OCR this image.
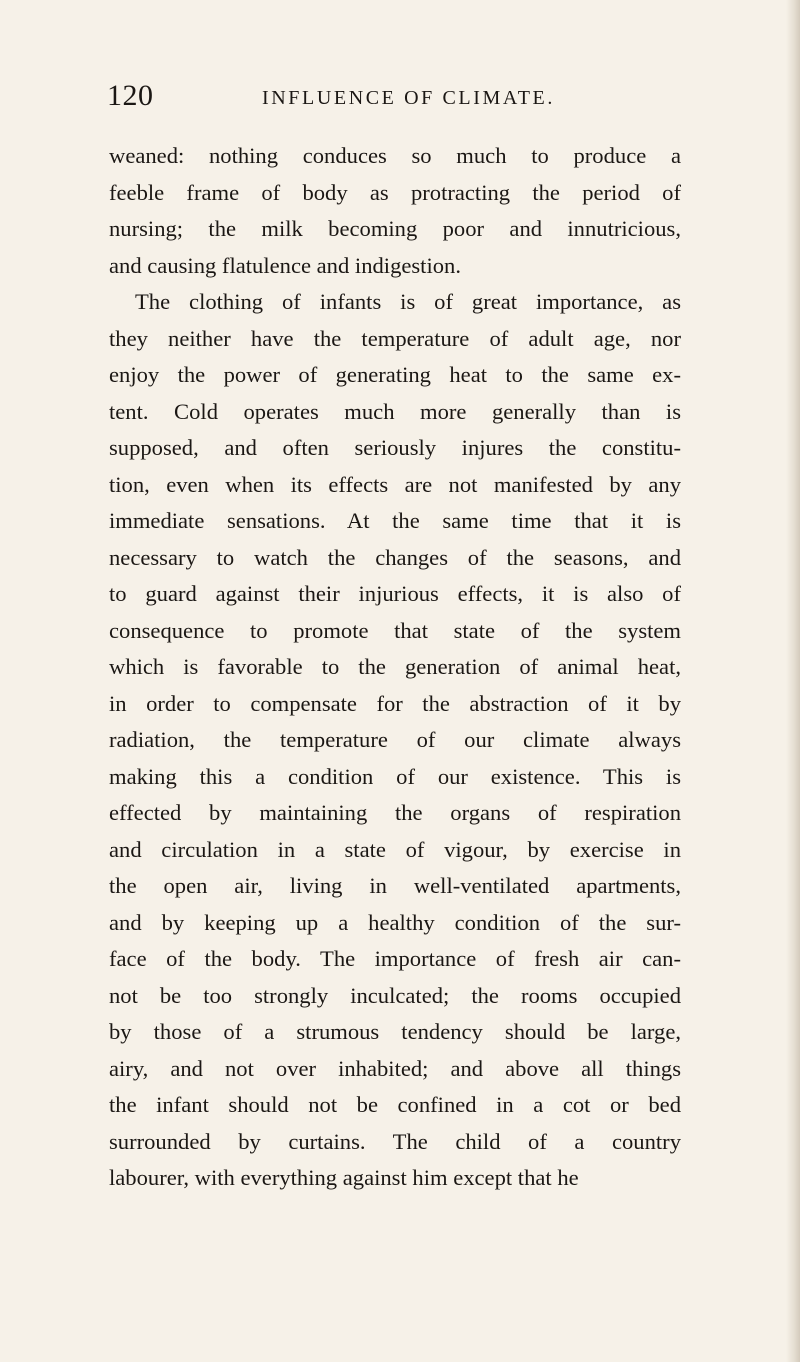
120	INFLUENCE OF CLIMATE.
weaned: nothing conduces so much to produce a
feeble frame of body as protracting the period of
nursing; the milk becoming poor and innutricious,
and causing flatulence and indigestion.
The clothing of infants is of great importance, as
they neither have the temperature of adult age, nor
enjoy the power of generating heat to the same ex-
tent. Cold operates much more generally than is
supposed, and often seriously injures the constitu-
tion, even when its effects are not manifested by any
immediate sensations. At the same time that it is
necessary to watch the changes of the seasons, and
to guard against their injurious effects, it is also of
consequence to promote that state of the system
which is favorable to the generation of animal heat,
in order to compensate for the abstraction of it by
radiation, the temperature of our climate always
making this a condition of our existence. This is
effected by maintaining the organs of respiration
and circulation in a state of vigour, by exercise in
the open air, living in well-ventilated apartments,
and by keeping up a healthy condition of the sur-
face of the body. The importance of fresh air can-
not be too strongly inculcated; the rooms occupied
by those of a strumous tendency should be large,
airy, and not over inhabited; and above all things
the infant should not be confined in a cot or bed
surrounded by curtains. The child of a country
labourer, with everything against him except that he
